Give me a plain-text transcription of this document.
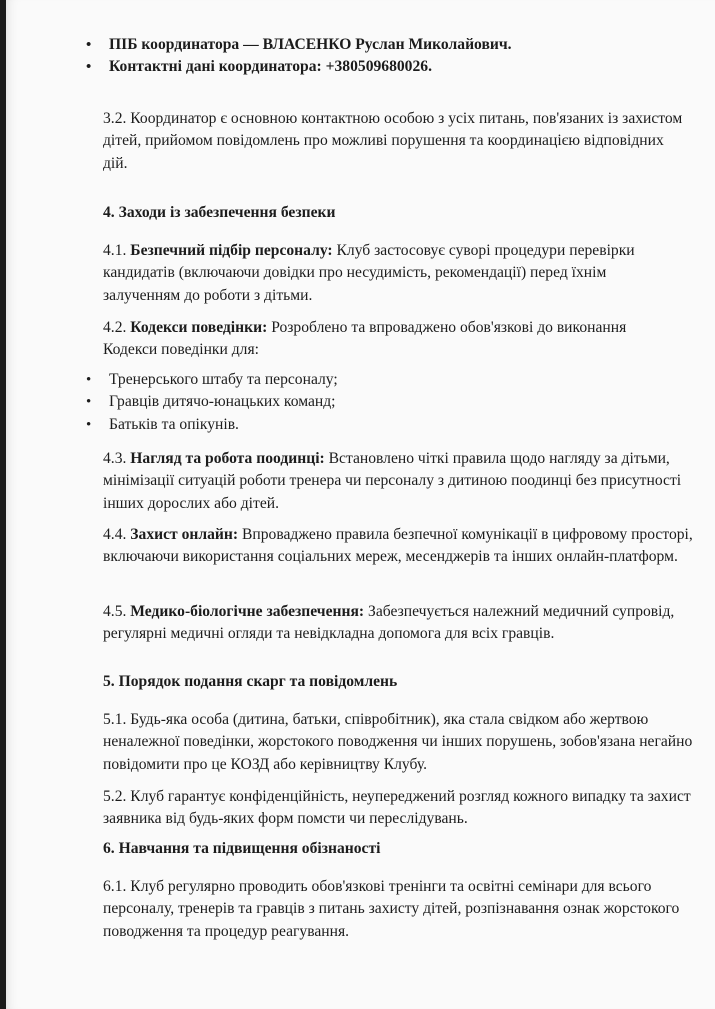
• ПІБ координатора — ВЛАСЕНКО Руслан Миколайович.
• Контактні дані координатора: +380509680026.

3.2. Координатор є основною контактною особою з усіх питань, пов'язаних із захистом дітей, прийомом повідомлень про можливі порушення та координацією відповідних дій.

4. Заходи із забезпечення безпеки

4.1. Безпечний підбір персоналу: Клуб застосовує суворі процедури перевірки кандидатів (включаючи довідки про несудимість, рекомендації) перед їхнім залученням до роботи з дітьми.

4.2. Кодекси поведінки: Розроблено та впроваджено обов'язкові до виконання Кодекси поведінки для:

• Тренерського штабу та персоналу;
• Гравців дитячо-юнацьких команд;
• Батьків та опікунів.

4.3. Нагляд та робота поодинці: Встановлено чіткі правила щодо нагляду за дітьми, мінімізації ситуацій роботи тренера чи персоналу з дитиною поодинці без присутності інших дорослих або дітей.

4.4. Захист онлайн: Впроваджено правила безпечної комунікації в цифровому просторі, включаючи використання соціальних мереж, месенджерів та інших онлайн-платформ.

4.5. Медико-біологічне забезпечення: Забезпечується належний медичний супровід, регулярні медичні огляди та невідкладна допомога для всіх гравців.

5. Порядок подання скарг та повідомлень

5.1. Будь-яка особа (дитина, батьки, співробітник), яка стала свідком або жертвою неналежної поведінки, жорстокого поводження чи інших порушень, зобов'язана негайно повідомити про це КОЗД або керівництву Клубу.

5.2. Клуб гарантує конфіденційність, неупереджений розгляд кожного випадку та захист заявника від будь-яких форм помсти чи переслідувань.

6. Навчання та підвищення обізнаності

6.1. Клуб регулярно проводить обов'язкові тренінги та освітні семінари для всього персоналу, тренерів та гравців з питань захисту дітей, розпізнавання ознак жорстокого поводження та процедур реагування.
